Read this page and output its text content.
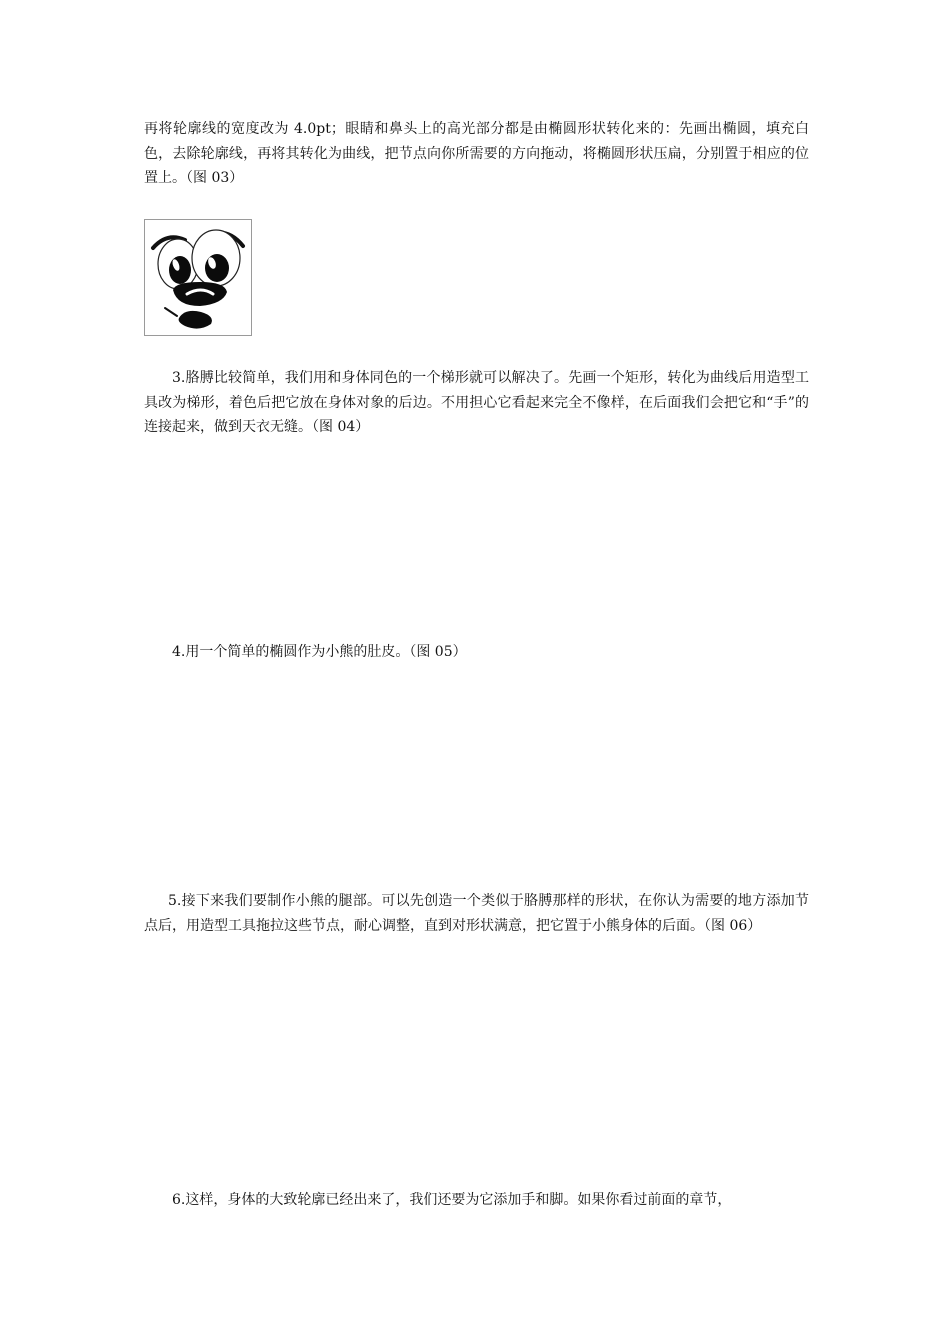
再将轮廓线的宽度改为 4.0pt；眼睛和鼻头上的高光部分都是由椭圆形状转化来的：先画出椭圆，填充白色，去除轮廓线，再将其转化为曲线，把节点向你所需要的方向拖动，将椭圆形状压扁，分别置于相应的位置上。（图 03）

3.胳膊比较简单，我们用和身体同色的一个梯形就可以解决了。先画一个矩形，转化为曲线后用造型工具改为梯形，着色后把它放在身体对象的后边。不用担心它看起来完全不像样，在后面我们会把它和“手”的连接起来，做到天衣无缝。（图 04）

4.用一个简单的椭圆作为小熊的肚皮。（图 05）

5.接下来我们要制作小熊的腿部。可以先创造一个类似于胳膊那样的形状，在你认为需要的地方添加节点后，用造型工具拖拉这些节点，耐心调整，直到对形状满意，把它置于小熊身体的后面。（图 06）

6.这样，身体的大致轮廓已经出来了，我们还要为它添加手和脚。如果你看过前面的章节，
